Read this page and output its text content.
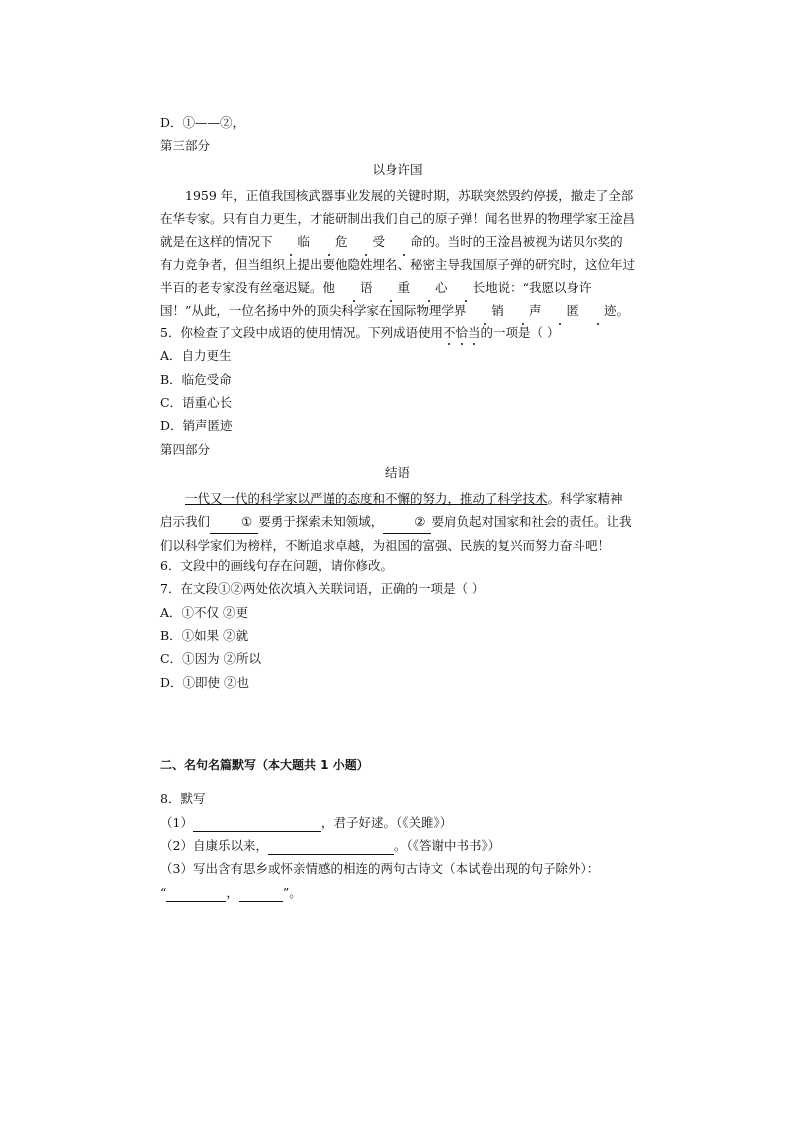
D．①——②，
第三部分
以身许国
1959 年，正值我国核武器事业发展的关键时期，苏联突然毁约停援，撤走了全部在华专家。只有自力更生，才能研制出我们自己的原子弹！闻名世界的物理学家王淦昌就是在这样的情况下 临 危 受 命的。当时的王淦昌被视为诺贝尔奖的有力竞争者，但当组织上提出要他隐姓埋名、秘密主导我国原子弹的研究时，这位年过半百的老专家没有丝毫迟疑。他 语 重 心 长地说：“我愿以身许国！”从此，一位名扬中外的顶尖科学家在国际物理学界 销 声 匿 迹。
5．你检查了文段中成语的使用情况。下列成语使用不恰当的一项是（ ）
A．自力更生
B．临危受命
C．语重心长
D．销声匿迹
第四部分
结语
一代又一代的科学家以严谨的态度和不懈的努力，推动了科学技术。科学家精神启示我们 ① 要勇于探索未知领域， ② 要肩负起对国家和社会的责任。让我们以科学家们为榜样，不断追求卓越，为祖国的富强、民族的复兴而努力奋斗吧！
6．文段中的画线句存在问题，请你修改。
7．在文段①②两处依次填入关联词语，正确的一项是（ ）
A．①不仅 ②更
B．①如果 ②就
C．①因为 ②所以
D．①即使 ②也
二、名句名篇默写（本大题共 1 小题）
8．默写
（1）	，君子好逑。（《关雎》）
（2）自康乐以来，	。（《答谢中书书》）
（3）写出含有思乡或怀亲情感的相连的两句古诗文（本试卷出现的句子除外）：
“	，	”。
